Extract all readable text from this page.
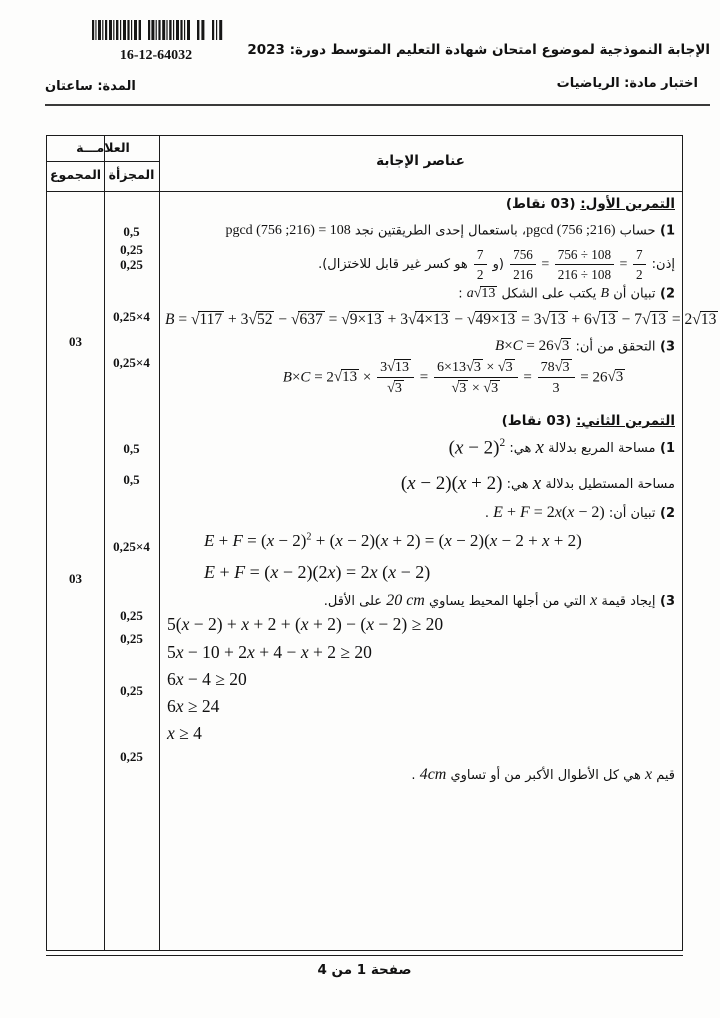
16-12-64032	الإجابة النموذجية لموضوع امتحان شهادة التعليم المتوسط دورة: 2023
اختبار مادة: الرياضيات
المدة: ساعتان
العلامـــة
المجموع المجزأة
عناصر الإجابة
03
03
0,5
0,25
0,25
0,25×4
0,25×4
0,5
0,5
0,25×4
0,25
0,25
0,25
0,25
التمرين الأول: (03 نقاط)
1) حساب pgcd (756 ;216)، باستعمال إحدى الطريقتين نجد pgcd (756 ;216) = 108
إذن:
$\frac{756}{216} = \frac{756 \div 108}{216 \div 108} = \frac{7}{2}$
(و
$\frac{7}{2}$
هو كسر غير قابل للاختزال).
2) تبيان أن B يكتب على الشكل a √ 13 :
B = √ 117 + 3 √ 52 − √ 637 = √ 9×13 + 3 √ 4×13 − √ 49×13 = 3 √ 13 + 6 √ 13 − 7 √ 13 = 2 √ 13
3) التحقق من أن: B×C = 26 √ 3
B×C = 2 √ 13 × 3 √ 13
√ 3 = 6×13 √ 3 × √ 3
√ 3 × √ $3 = \frac{78 √ 3}{3} = 26$ √ 3
التمرين الثاني: (03 نقاط)
1) مساحة المربع بدلالة x هي: $(x - 2)^2$
مساحة المستطيل بدلالة x هي: (x − 2)(x + 2)
2) تبيان أن: E + F = 2x(x − 2) .
$E + F = (x - 2)^2 + (x - 2)(x + 2) = (x - 2)(x - 2 + x + 2)$
E + F = (x − 2)(2x) = 2x (x − 2)
3) إيجاد قيمة x التي من أجلها المحيط يساوي 20 cm على الأقل.
5(x − 2) + x + 2 + (x + 2) − (x − 2) ≥ 20
5x − 10 + 2x + 4 − x + 2 ≥ 20
6x − 4 ≥ 20
6x ≥ 24
x ≥ 4
قيم x هي كل الأطوال الأكبر من أو تساوي 4cm .
صفحة 1 من 4
